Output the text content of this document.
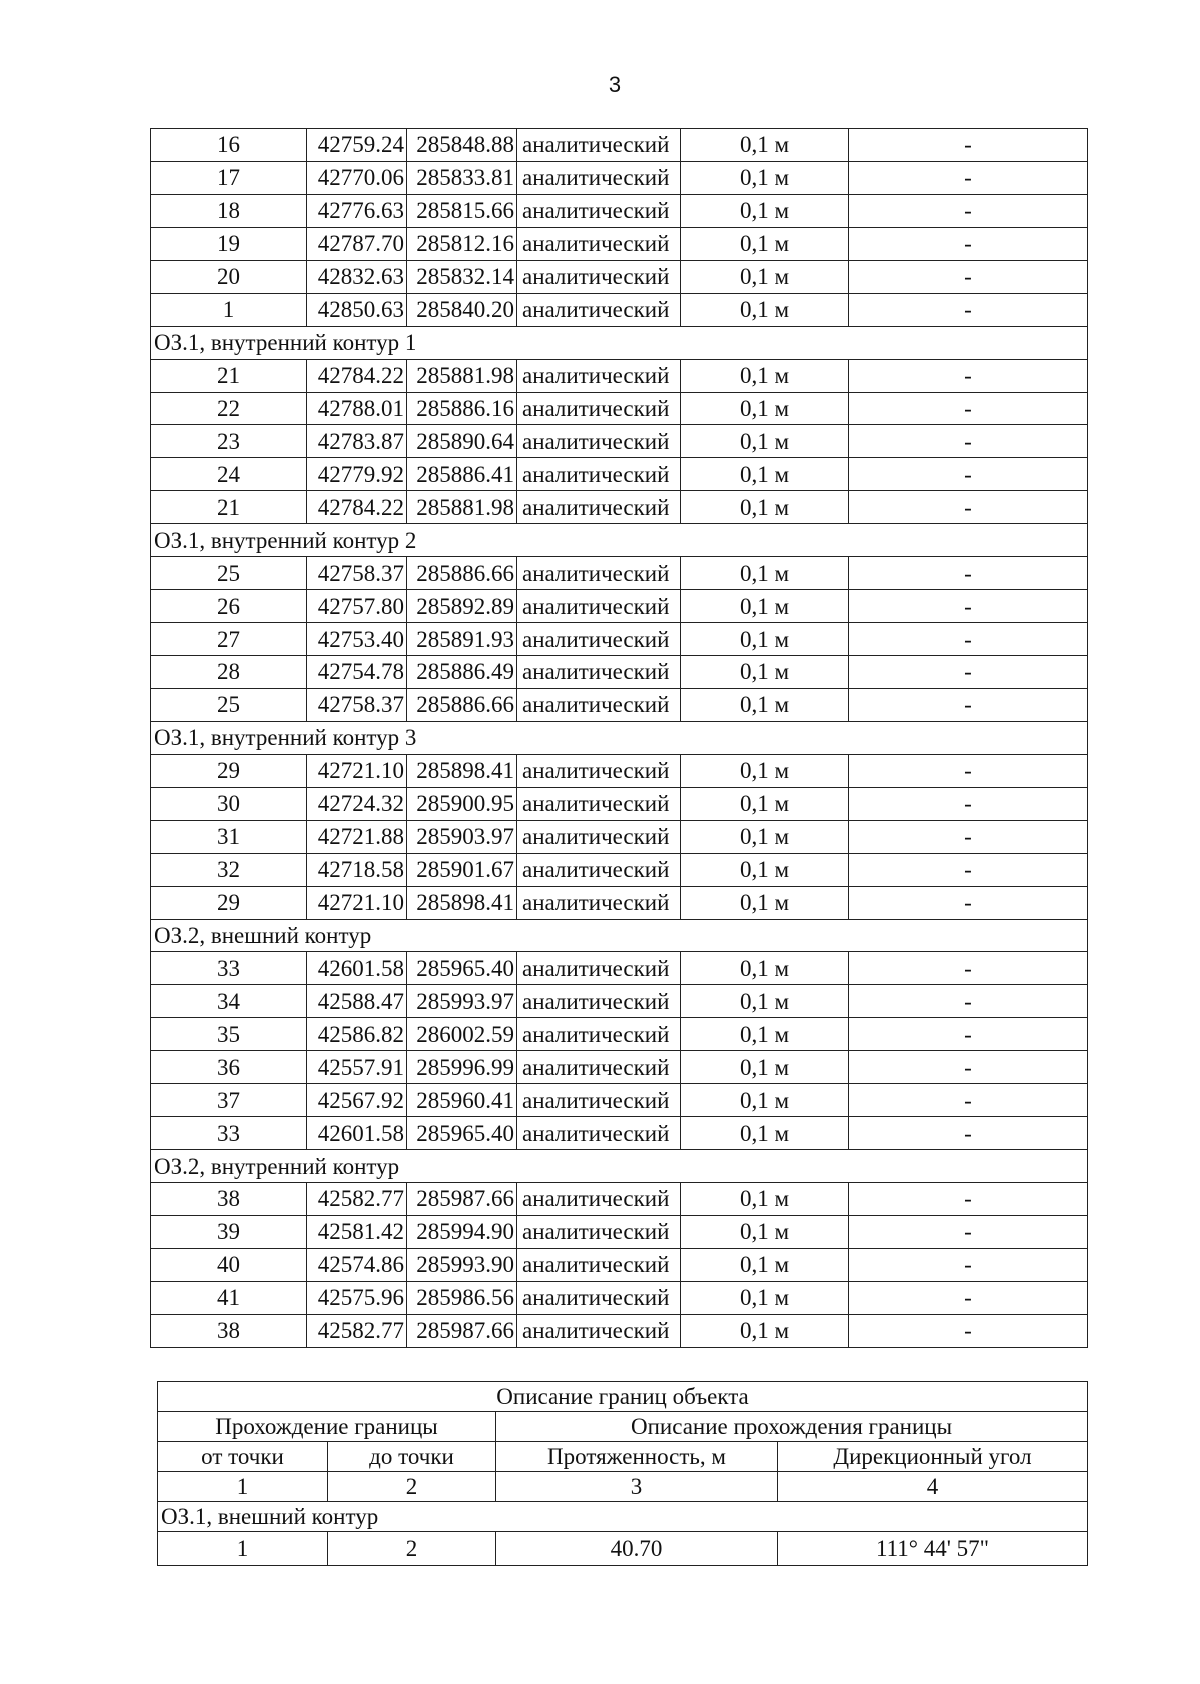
3
16	42759.24	285848.88	аналитический	0,1 м	-
17	42770.06	285833.81	аналитический	0,1 м	-
18	42776.63	285815.66	аналитический	0,1 м	-
19	42787.70	285812.16	аналитический	0,1 м	-
20	42832.63	285832.14	аналитический	0,1 м	-
1	42850.63	285840.20	аналитический	0,1 м	-
ОЗ.1, внутренний контур 1					
21	42784.22	285881.98	аналитический	0,1 м	-
22	42788.01	285886.16	аналитический	0,1 м	-
23	42783.87	285890.64	аналитический	0,1 м	-
24	42779.92	285886.41	аналитический	0,1 м	-
21	42784.22	285881.98	аналитический	0,1 м	-
ОЗ.1, внутренний контур 2					
25	42758.37	285886.66	аналитический	0,1 м	-
26	42757.80	285892.89	аналитический	0,1 м	-
27	42753.40	285891.93	аналитический	0,1 м	-
28	42754.78	285886.49	аналитический	0,1 м	-
25	42758.37	285886.66	аналитический	0,1 м	-
ОЗ.1, внутренний контур 3					
29	42721.10	285898.41	аналитический	0,1 м	-
30	42724.32	285900.95	аналитический	0,1 м	-
31	42721.88	285903.97	аналитический	0,1 м	-
32	42718.58	285901.67	аналитический	0,1 м	-
29	42721.10	285898.41	аналитический	0,1 м	-
ОЗ.2, внешний контур					
33	42601.58	285965.40	аналитический	0,1 м	-
34	42588.47	285993.97	аналитический	0,1 м	-
35	42586.82	286002.59	аналитический	0,1 м	-
36	42557.91	285996.99	аналитический	0,1 м	-
37	42567.92	285960.41	аналитический	0,1 м	-
33	42601.58	285965.40	аналитический	0,1 м	-
ОЗ.2, внутренний контур					
38	42582.77	285987.66	аналитический	0,1 м	-
39	42581.42	285994.90	аналитический	0,1 м	-
40	42574.86	285993.90	аналитический	0,1 м	-
41	42575.96	285986.56	аналитический	0,1 м	-
38	42582.77	285987.66	аналитический	0,1 м	-
Описание границ объекта			
Прохождение границы		Описание прохождения границы	
от точки	до точки	Протяженность, м	Дирекционный угол
1	2	3	4
ОЗ.1, внешний контур			
1	2	40.70	111° 44' 57"
